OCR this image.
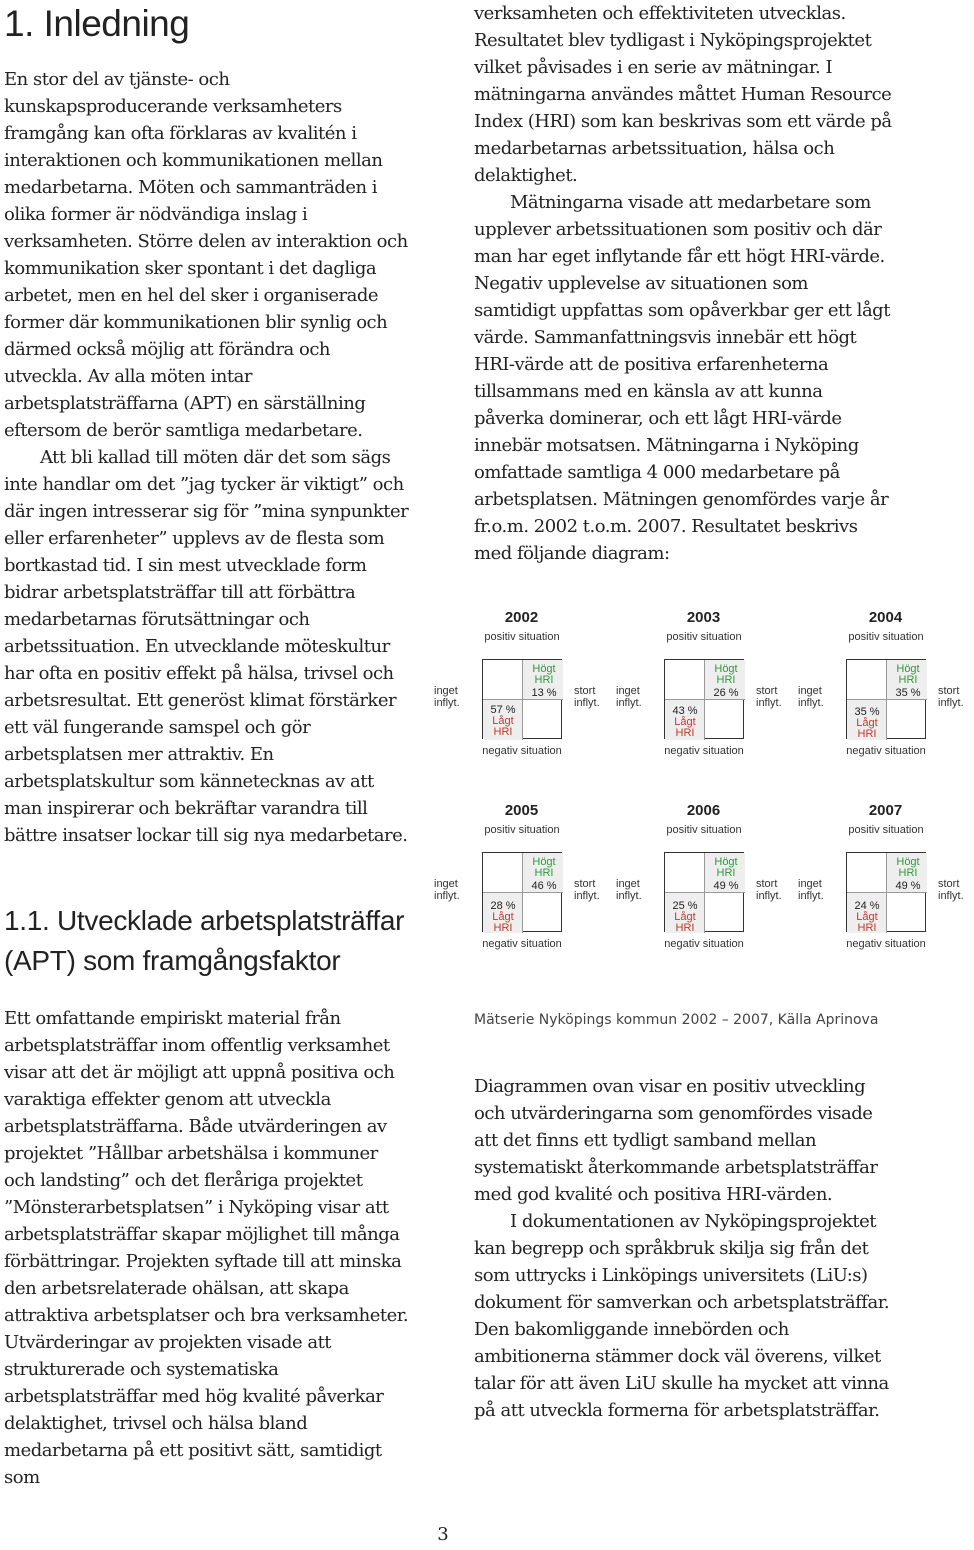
1. Inledning

En stor del av tjänste- och kunskapsproducerande verksamheters framgång kan ofta förklaras av kvalitén i interaktionen och kommunikationen mellan medarbetarna. Möten och sammanträden i olika former är nödvändiga inslag i verksamheten. Större delen av interaktion och kommunikation sker spontant i det dagliga arbetet, men en hel del sker i organiserade former där kommunikationen blir synlig och därmed också möjlig att förändra och utveckla. Av alla möten intar arbetsplatsträffarna (APT) en särställning eftersom de berör samtliga medarbetare.

Att bli kallad till möten där det som sägs inte handlar om det ”jag tycker är viktigt” och där ingen intresserar sig för ”mina synpunkter eller erfarenheter” upplevs av de flesta som bortkastad tid. I sin mest utvecklade form bidrar arbetsplatsträffar till att förbättra medarbetarnas förutsättningar och arbetssituation. En utvecklande möteskultur har ofta en positiv effekt på hälsa, trivsel och arbetsresultat. Ett generöst klimat förstärker ett väl fungerande samspel och gör arbetsplatsen mer attraktiv. En arbetsplatskultur som kännetecknas av att man inspirerar och bekräftar varandra till bättre insatser lockar till sig nya medarbetare.

1.1. Utvecklade arbetsplatsträffar (APT) som framgångsfaktor

Ett omfattande empiriskt material från arbetsplatsträffar inom offentlig verksamhet visar att det är möjligt att uppnå positiva och varaktiga effekter genom att utveckla arbetsplatsträffarna. Både utvärderingen av projektet ”Hållbar arbetshälsa i kommuner och landsting” och det fleråriga projektet ”Mönsterarbetsplatsen” i Nyköping visar att arbetsplatsträffar skapar möjlighet till många förbättringar. Projekten syftade till att minska den arbetsrelaterade ohälsan, att skapa attraktiva arbetsplatser och bra verksamheter. Utvärderingar av projekten visade att strukturerade och systematiska arbetsplatsträffar med hög kvalité påverkar delaktighet, trivsel och hälsa bland medarbetarna på ett positivt sätt, samtidigt som

verksamheten och effektiviteten utvecklas. Resultatet blev tydligast i Nyköpingsprojektet vilket påvisades i en serie av mätningar. I mätningarna användes måttet Human Resource Index (HRI) som kan beskrivas som ett värde på medarbetarnas arbetssituation, hälsa och delaktighet.

Mätningarna visade att medarbetare som upplever arbetssituationen som positiv och där man har eget inflytande får ett högt HRI-värde. Negativ upplevelse av situationen som samtidigt uppfattas som opåverkbar ger ett lågt värde. Sammanfattningsvis innebär ett högt HRI-värde att de positiva erfarenheterna tillsammans med en känsla av att kunna påverka dominerar, och ett lågt HRI-värde innebär motsatsen. Mätningarna i Nyköping omfattade samtliga 4 000 medarbetare på arbetsplatsen. Mätningen genomfördes varje år fr.o.m. 2002 t.o.m. 2007. Resultatet beskrivs med följande diagram:

2002
positiv situation
inget inflyt.
Högt HRI
13 %
57 %
Lågt HRI
stort inflyt.
negativ situation
2003
positiv situation
inget inflyt.
Högt HRI
26 %
43 %
Lågt HRI
stort inflyt.
negativ situation
2004
positiv situation
inget inflyt.
Högt HRI
35 %
35 %
Lågt HRI
stort inflyt.
negativ situation
2005
positiv situation
inget inflyt.
Högt HRI
46 %
28 %
Lågt HRI
stort inflyt.
negativ situation
2006
positiv situation
inget inflyt.
Högt HRI
49 %
25 %
Lågt HRI
stort inflyt.
negativ situation
2007
positiv situation
inget inflyt.
Högt HRI
49 %
24 %
Lågt HRI
stort inflyt.
negativ situation

Mätserie Nyköpings kommun 2002 – 2007, Källa Aprinova

Diagrammen ovan visar en positiv utveckling och utvärderingarna som genomfördes visade att det finns ett tydligt samband mellan systematiskt återkommande arbetsplatsträffar med god kvalité och positiva HRI-värden.

I dokumentationen av Nyköpingsprojektet kan begrepp och språkbruk skilja sig från det som uttrycks i Linköpings universitets (LiU:s) dokument för samverkan och arbetsplatsträffar. Den bakomliggande innebörden och ambitionerna stämmer dock väl överens, vilket talar för att även LiU skulle ha mycket att vinna på att utveckla formerna för arbetsplatsträffar.

3
